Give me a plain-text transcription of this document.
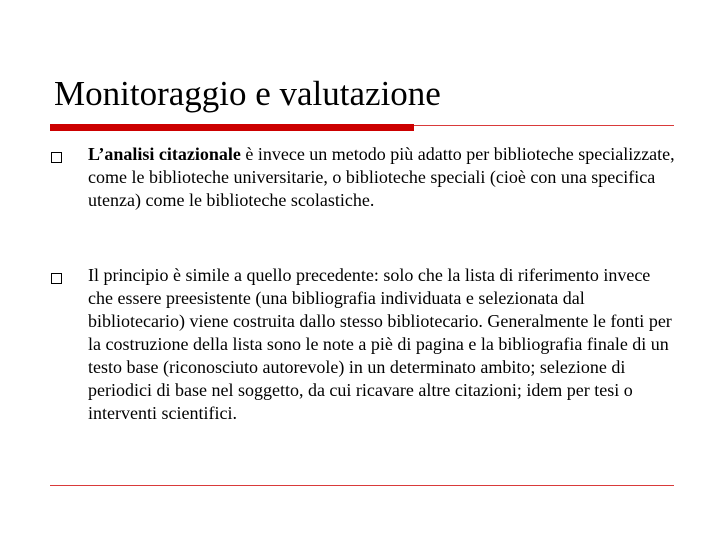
Monitoraggio e valutazione

L’analisi citazionale è invece un metodo più adatto per biblioteche specializzate, come le biblioteche universitarie, o biblioteche speciali (cioè con una specifica utenza) come le biblioteche scolastiche.

Il principio è simile a quello precedente: solo che la lista di riferimento invece che essere preesistente (una bibliografia individuata e selezionata dal bibliotecario) viene costruita dallo stesso bibliotecario. Generalmente le fonti per la costruzione della lista sono le note a piè di pagina e la bibliografia finale di un testo base (riconosciuto autorevole) in un determinato ambito; selezione di periodici di base nel soggetto, da cui ricavare altre citazioni; idem per tesi o interventi scientifici.
